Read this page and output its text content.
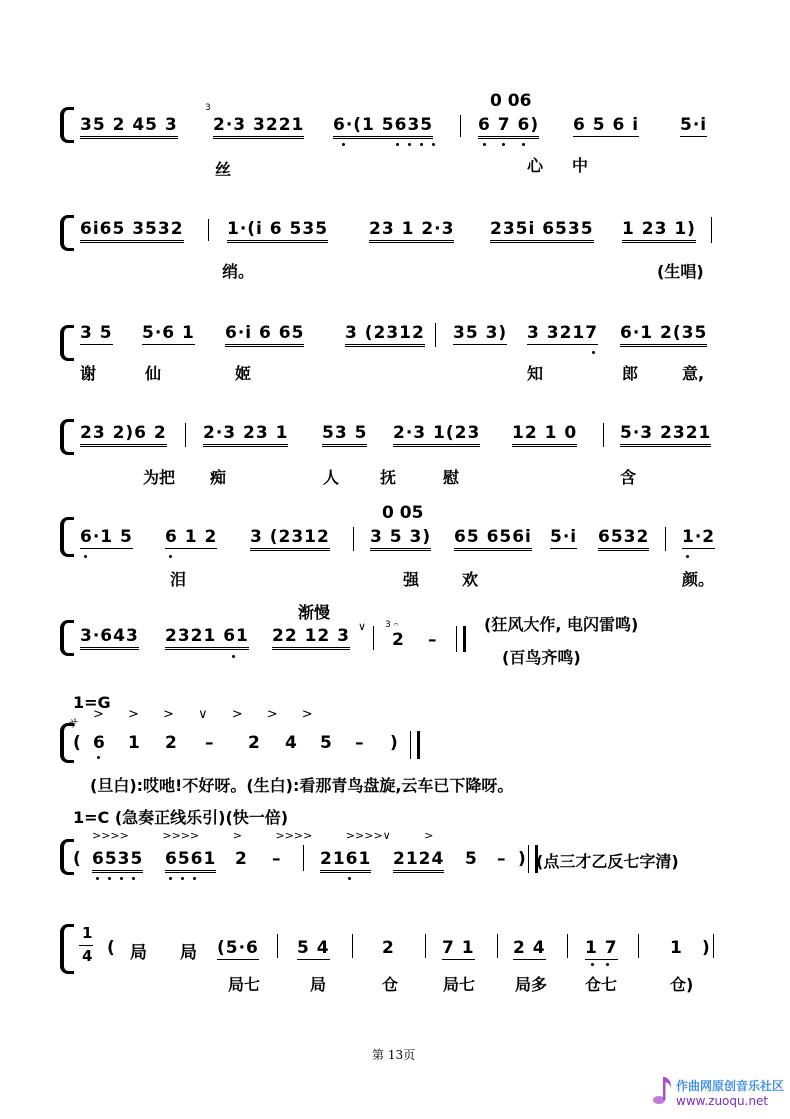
0 06
3
35 2 45 3 2·3 3221 6·(1 5635	6 7 6) 6 5 6 i 5·i
丝	心 中
6i65 3532	1·(i 6 535 23 1 2·3 235i 6535 1 23 1)
绡。	(生唱)
3 5 5·6 1 6·i 6 65 3 (2312 35 3) 3 3217 6·1 2(35
谢	仙	姬	知	郎	意,
23 2)6 2 2·3 23 1 53 5 2·3 1(23 12 1 0	5·3 2321
为把 痴	人	抚	慰	含
0 05
6·1 5 6 1 2 3 (2312 3 5 3) 65 656i 5·i 6532 1·2
泪	强	欢	颜。
渐慢
3·643 2321 61 22 12 3 ∨ 3 𝄐
2 –
(狂风大作, 电闪雷鸣)
(百鸟齐鸣)
1=G
サ
> > > ∨ > > >
( 6 1 2 – 2 4 5 – )
(旦白):哎吔!不好呀。(生白):看那青鸟盘旋,云车已下降呀。
1=C (急奏正线乐引)(快一倍)
>>>> >>>> > >>>> >>>>∨ >
( 6535 6561 2 – 2161 2124 5 – ) (点三才乙反七字清)
1
4 ( 局 局 (5·6 5 4	2	7 1 2 4 1 7	1 )
局七	局	仓	局七 局多 仓七	仓)
第 13页
作曲网原创音乐社区
www.zuoqu.net
